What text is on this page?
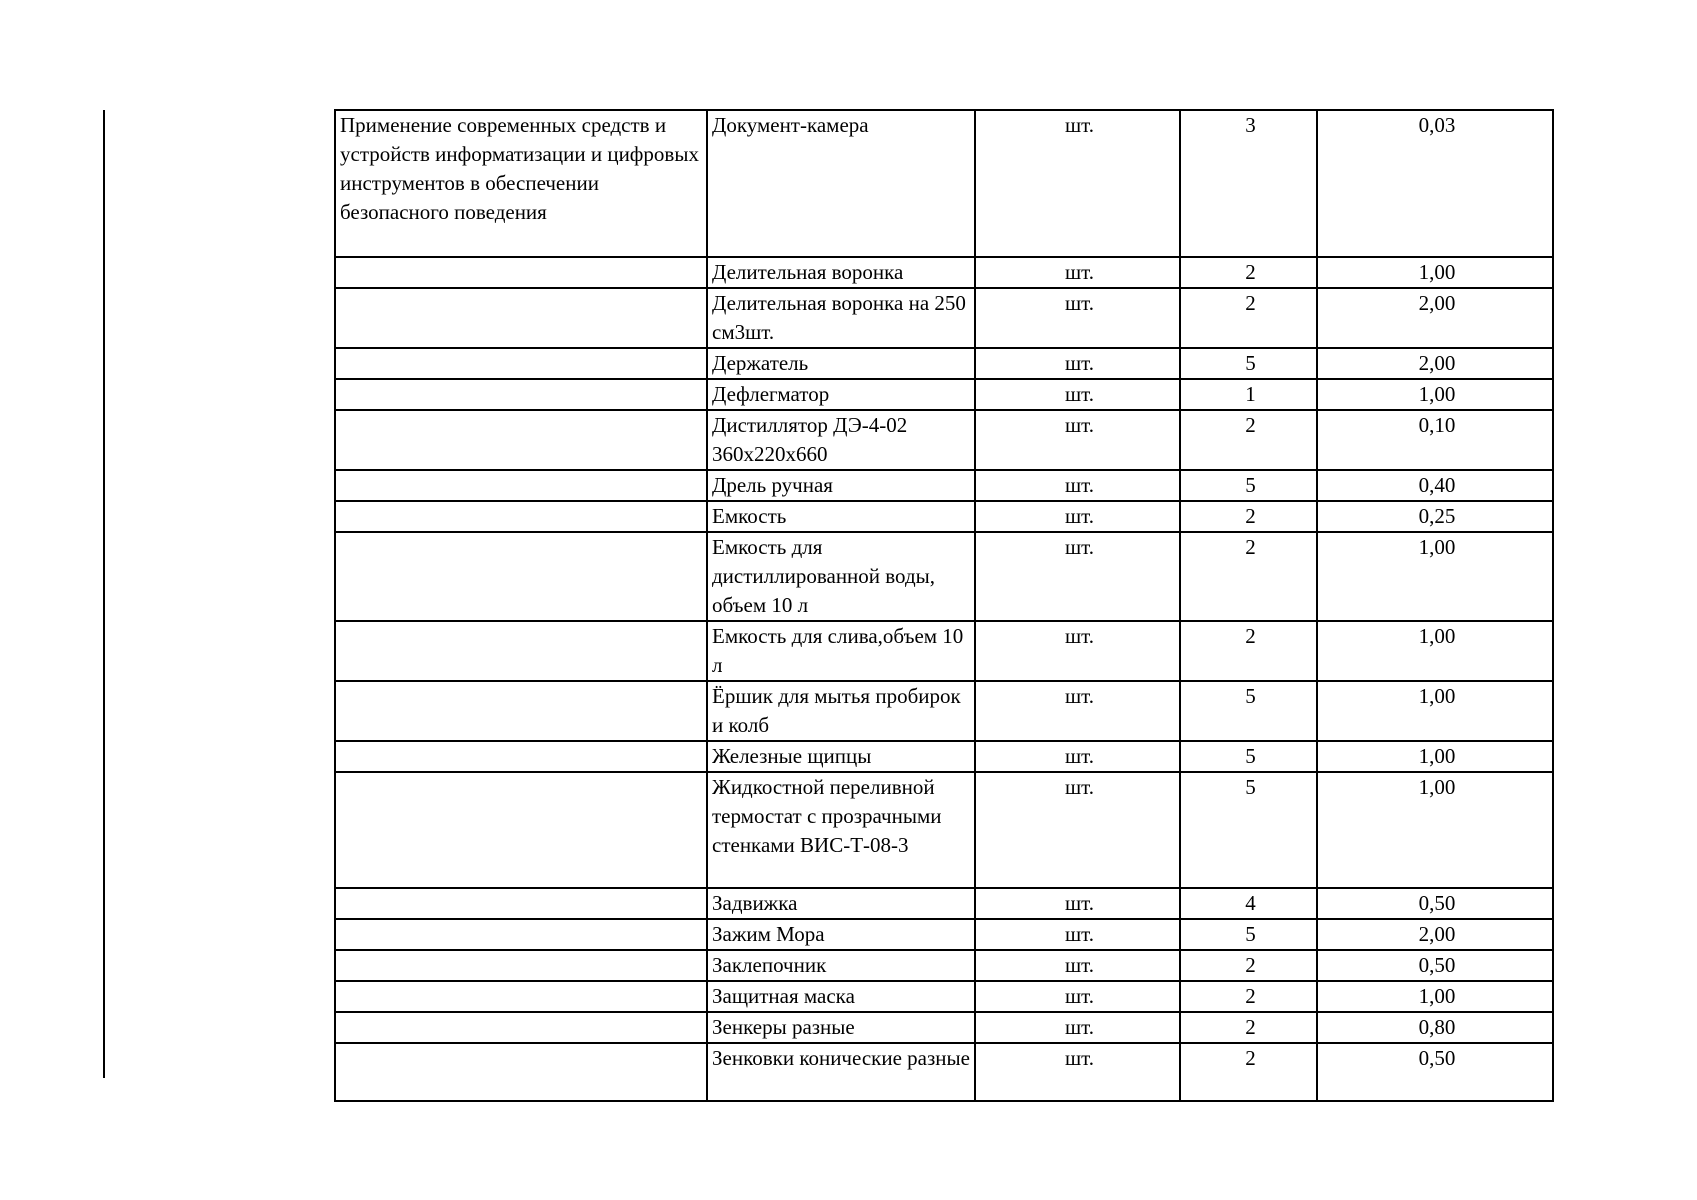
Применение современных средств и устройств информатизации и цифровых инструментов в обеспечении безопасного поведения	Документ-камера	шт.	3	0,03

	Делительная воронка	шт.	2	1,00

	Делительная воронка на 250 см3шт.	шт.	2	2,00

	Держатель	шт.	5	2,00

	Дефлегматор	шт.	1	1,00

	Дистиллятор ДЭ-4-02 360х220х660	шт.	2	0,10

	Дрель ручная	шт.	5	0,40

	Емкость	шт.	2	0,25

	Емкость для дистиллированной воды, объем 10 л	шт.	2	1,00

	Емкость для слива,объем 10 л	шт.	2	1,00

	Ёршик для мытья пробирок и колб	шт.	5	1,00

	Железные щипцы	шт.	5	1,00

	Жидкостной переливной термостат с прозрачными стенками ВИС-Т-08-3	шт.	5	1,00

	Задвижка	шт.	4	0,50

	Зажим Мора	шт.	5	2,00

	Заклепочник	шт.	2	0,50

	Защитная маска	шт.	2	1,00

	Зенкеры разные	шт.	2	0,80

	Зенковки конические разные	шт.	2	0,50
